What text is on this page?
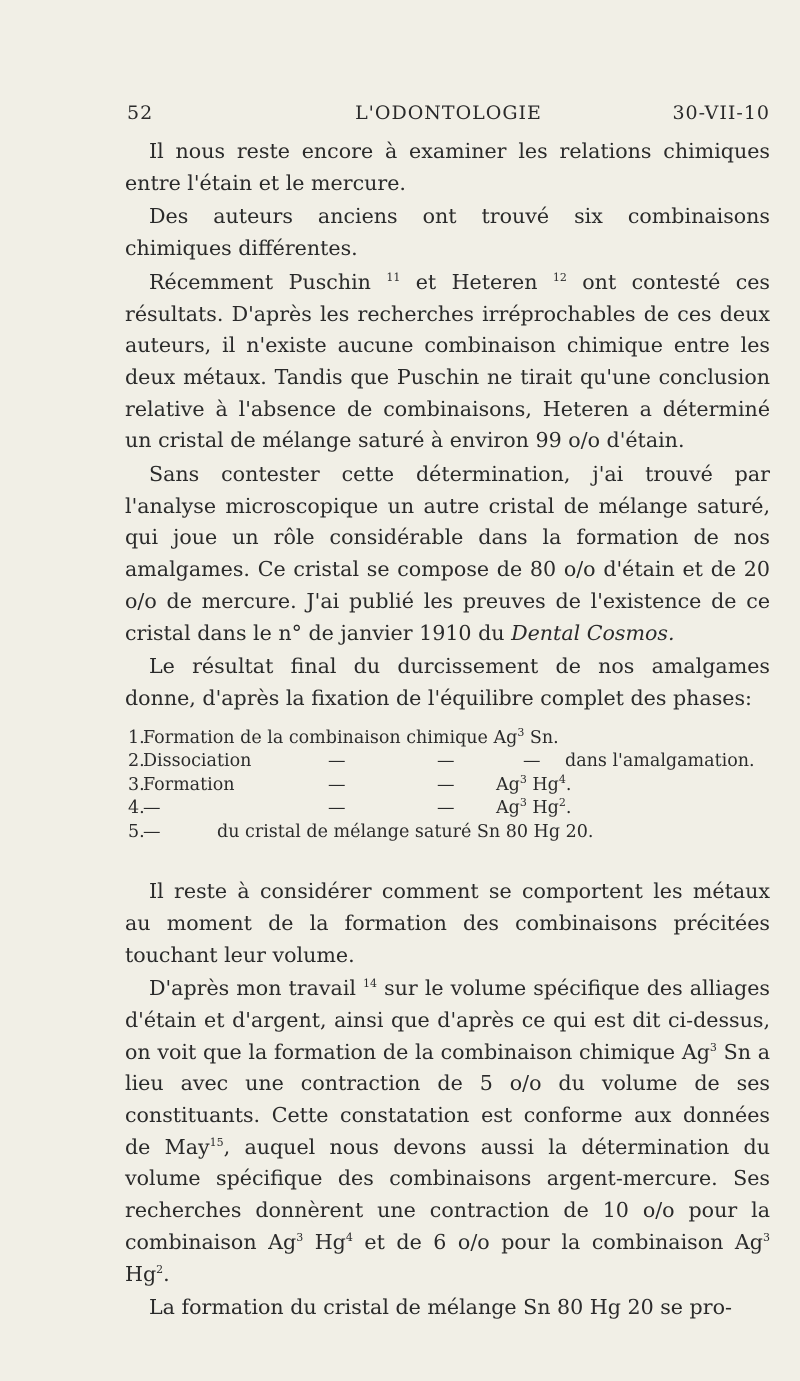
52	L'ODONTOLOGIE	30-VII-10

Il nous reste encore à examiner les relations chimiques entre l'étain et le mercure.

Des auteurs anciens ont trouvé six combinaisons chimiques différentes.

Récemment Puschin $^{11}$ et Heteren $^{12}$ ont contesté ces résultats. D'après les recherches irréprochables de ces deux auteurs, il n'existe aucune combinaison chimique entre les deux métaux. Tandis que Puschin ne tirait qu'une conclusion relative à l'absence de combinaisons, Heteren a déterminé un cristal de mélange saturé à environ 99 o/o d'étain.

Sans contester cette détermination, j'ai trouvé par l'analyse microscopique un autre cristal de mélange saturé, qui joue un rôle considérable dans la formation de nos amalgames. Ce cristal se compose de 80 o/o d'étain et de 20 o/o de mercure. J'ai publié les preuves de l'existence de ce cristal dans le n° de janvier 1910 du Dental Cosmos.

Le résultat final du durcissement de nos amalgames donne, d'après la fixation de l'équilibre complet des phases:

1.
Formation de la combinaison chimique Ag$^3$ Sn.
2.
Dissociation	—	—	— dans l'amalgamation.
3.
Formation	—	— Ag$^3$ Hg$^4$.
4.
—	—	— Ag$^3$ Hg$^2$.
5.
—	du cristal de mélange saturé Sn 80 Hg 20.

Il reste à considérer comment se comportent les métaux au moment de la formation des combinaisons précitées touchant leur volume.

D'après mon travail $^{14}$ sur le volume spécifique des alliages d'étain et d'argent, ainsi que d'après ce qui est dit ci-dessus, on voit que la formation de la combinaison chimique Ag$^3$ Sn a lieu avec une contraction de 5 o/o du volume de ses constituants. Cette constatation est conforme aux données de May$^{15}$, auquel nous devons aussi la détermination du volume spécifique des combinaisons argent-mercure. Ses recherches donnèrent une contraction de 10 o/o pour la combinaison Ag$^3$ Hg$^4$ et de 6 o/o pour la combinaison Ag$^3$ Hg$^2$.

La formation du cristal de mélange Sn 80 Hg 20 se pro-
